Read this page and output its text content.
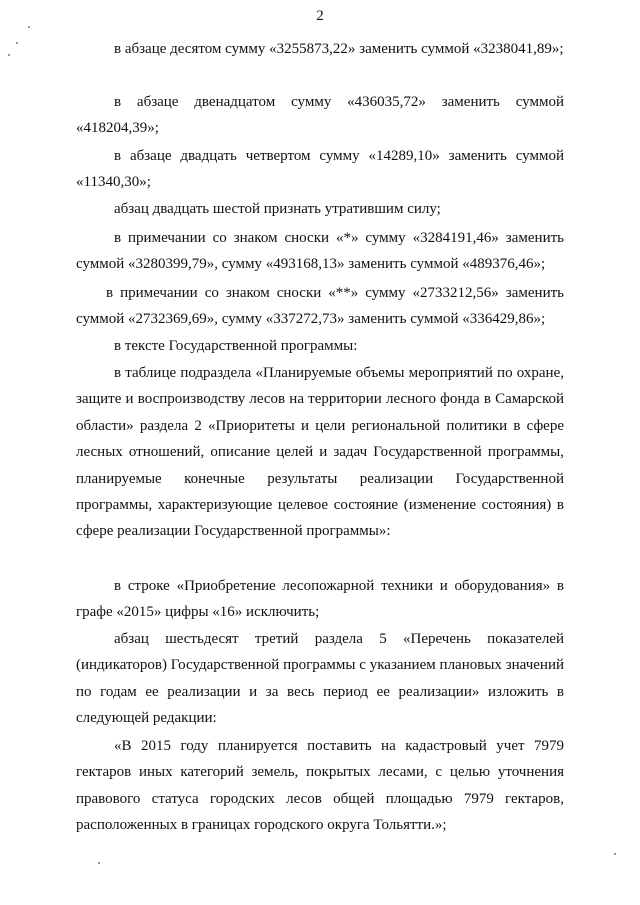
2

в абзаце десятом сумму «3255873,22» заменить суммой «3238041,89»;

в абзаце двенадцатом сумму «436035,72» заменить суммой «418204,39»;

в абзаце двадцать четвертом сумму «14289,10» заменить суммой «11340,30»;

абзац двадцать шестой признать утратившим силу;

в примечании со знаком сноски «*» сумму «3284191,46» заменить суммой «3280399,79», сумму «493168,13» заменить суммой «489376,46»;

в примечании со знаком сноски «**» сумму «2733212,56» заменить суммой «2732369,69», сумму «337272,73» заменить суммой «336429,86»;

в тексте Государственной программы:

в таблице подраздела «Планируемые объемы мероприятий по охране, защите и воспроизводству лесов на территории лесного фонда в Самарской области» раздела 2 «Приоритеты и цели региональной политики в сфере лесных отношений, описание целей и задач Государственной программы, планируемые конечные результаты реализации Государственной программы, характеризующие целевое состояние (изменение состояния) в сфере реализации Государственной программы»:

в строке «Приобретение лесопожарной техники и оборудования» в графе «2015» цифры «16» исключить;

абзац шестьдесят третий раздела 5 «Перечень показателей (индикаторов) Государственной программы с указанием плановых значений по годам ее реализации и за весь период ее реализации» изложить в следующей редакции:

«В 2015 году планируется поставить на кадастровый учет 7979 гектаров иных категорий земель, покрытых лесами, с целью уточнения правового статуса городских лесов общей площадью 7979 гектаров, расположенных в границах городского округа Тольятти.»;
